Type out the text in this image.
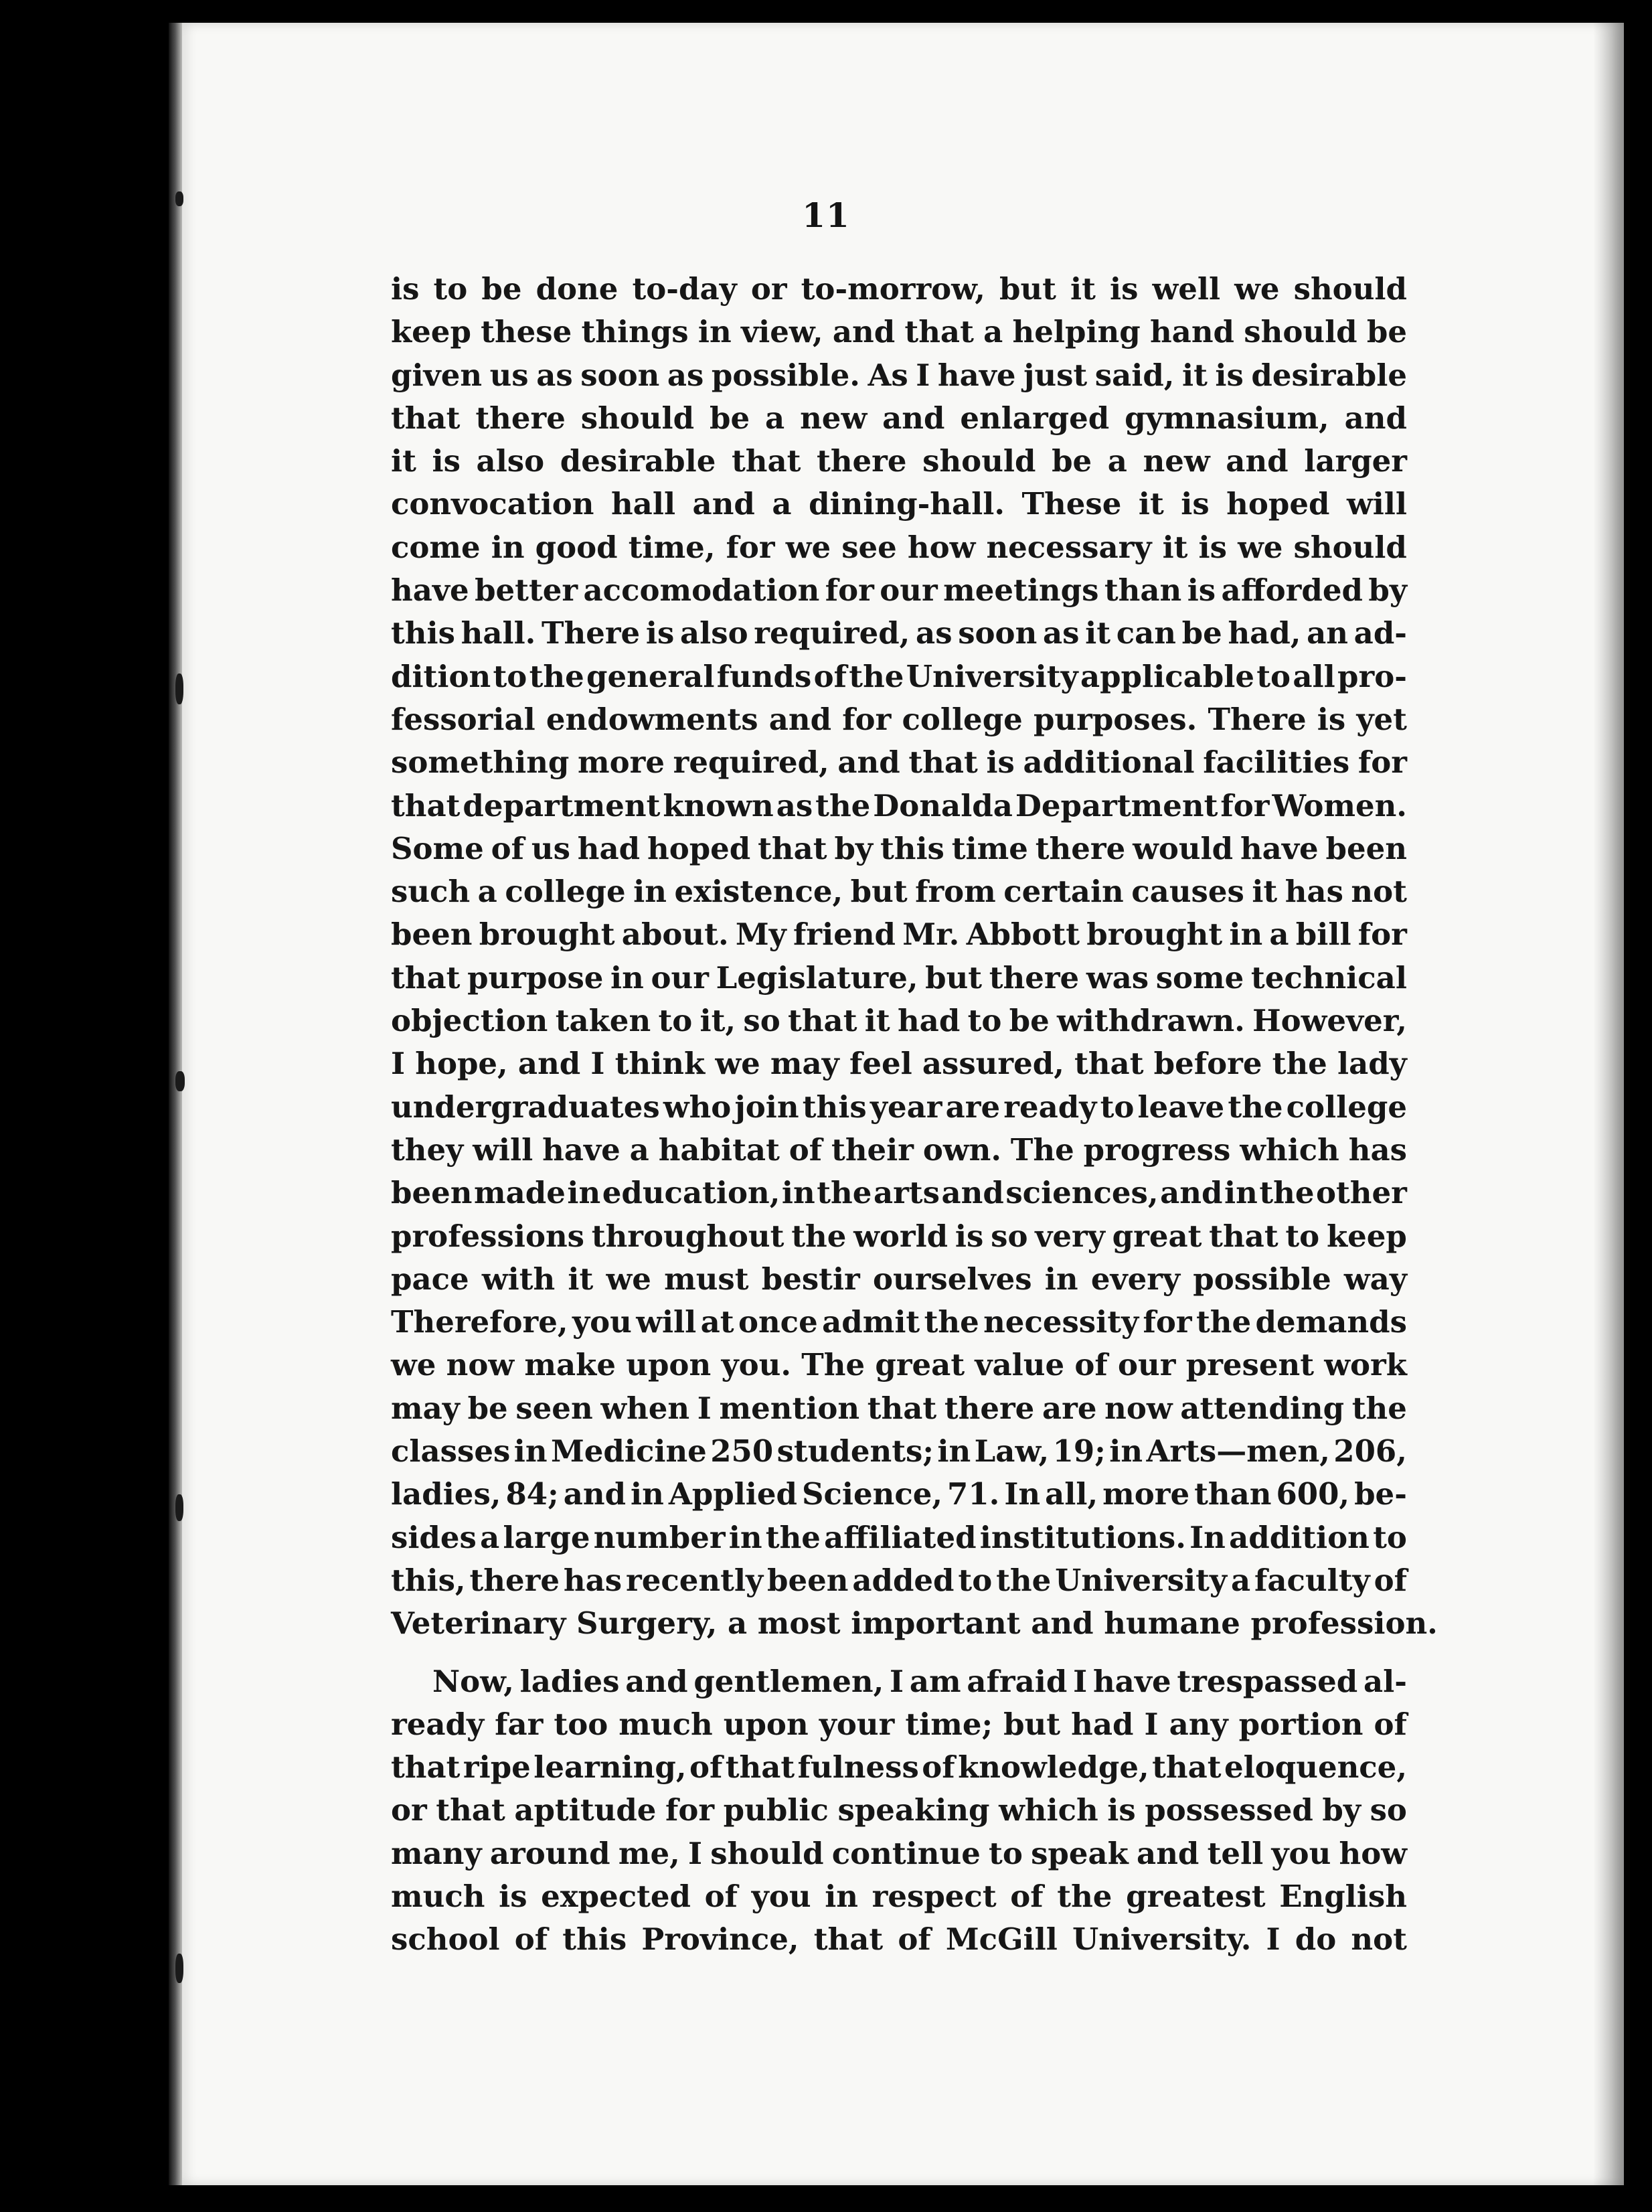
11
is to be done to-day or to-morrow, but it is well we should
keep these things in view, and that a helping hand should be
given us as soon as possible. As I have just said, it is desirable
that there should be a new and enlarged gymnasium, and
it is also desirable that there should be a new and larger
convocation hall and a dining-hall. These it is hoped will
come in good time, for we see how necessary it is we should
have better accomodation for our meetings than is afforded by
this hall. There is also required, as soon as it can be had, an ad-
dition to the general funds of the University applicable to all pro-
fessorial endowments and for college purposes. There is yet
something more required, and that is additional facilities for
that department known as the Donalda Department for Women.
Some of us had hoped that by this time there would have been
such a college in existence, but from certain causes it has not
been brought about. My friend Mr. Abbott brought in a bill for
that purpose in our Legislature, but there was some technical
objection taken to it, so that it had to be withdrawn. However,
I hope, and I think we may feel assured, that before the lady
undergraduates who join this year are ready to leave the college
they will have a habitat of their own. The progress which has
been made in education, in the arts and sciences, and in the other
professions throughout the world is so very great that to keep
pace with it we must bestir ourselves in every possible way
Therefore, you will at once admit the necessity for the demands
we now make upon you. The great value of our present work
may be seen when I mention that there are now attending the
classes in Medicine 250 students; in Law, 19; in Arts—men, 206,
ladies, 84; and in Applied Science, 71. In all, more than 600, be-
sides a large number in the affiliated institutions. In addition to
this, there has recently been added to the University a faculty of
Veterinary
Surgery,
a
most
important
and
humane
profession.
Now, ladies and gentlemen, I am afraid I have trespassed al-
ready far too much upon your time; but had I any portion of
that ripe learning, of that fulness of knowledge, that eloquence,
or that aptitude for public speaking which is possessed by so
many around me, I should continue to speak and tell you how
much is expected of you in respect of the greatest English
school of this Province, that of McGill University. I do not
